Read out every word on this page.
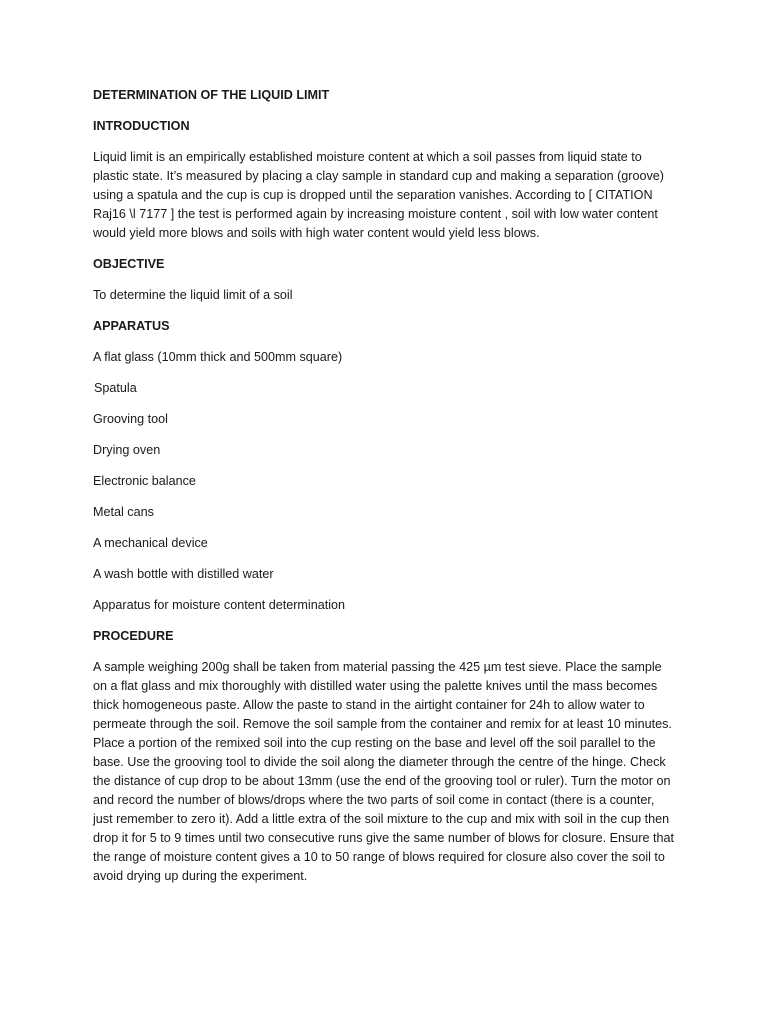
DETERMINATION OF THE LIQUID LIMIT
INTRODUCTION
Liquid limit is an empirically established moisture content at which a soil passes from liquid state to plastic state. It’s measured by placing a clay sample in standard cup and making a separation (groove) using a spatula and the cup is cup is dropped until the separation vanishes. According to [ CITATION Raj16 \l 7177 ] the test is performed again by increasing moisture content , soil with low water content would yield more blows and soils with high water content would yield less blows.
OBJECTIVE
To determine the liquid limit of a soil
APPARATUS
A flat glass (10mm thick and 500mm square)
Spatula
Grooving tool
Drying oven
Electronic balance
Metal cans
A mechanical device
A wash bottle with distilled water
Apparatus for moisture content determination
PROCEDURE
A sample weighing 200g shall be taken from material passing the 425 µm test sieve. Place the sample on a flat glass and mix thoroughly with distilled water using the palette knives until the mass becomes thick homogeneous paste. Allow the paste to stand in the airtight container for 24h to allow water to permeate through the soil. Remove the soil sample from the container and remix for at least 10 minutes. Place a portion of the remixed soil into the cup resting on the base and level off the soil parallel to the base. Use the grooving tool to divide the soil along the diameter through the centre of the hinge. Check the distance of cup drop to be about 13mm (use the end of the grooving tool or ruler). Turn the motor on and record the number of blows/drops where the two parts of soil come in contact (there is a counter, just remember to zero it). Add a little extra of the soil mixture to the cup and mix with soil in the cup then drop it for 5 to 9 times until two consecutive runs give the same number of blows for closure. Ensure that the range of moisture content gives a 10 to 50 range of blows required for closure also cover the soil to avoid drying up during the experiment.
